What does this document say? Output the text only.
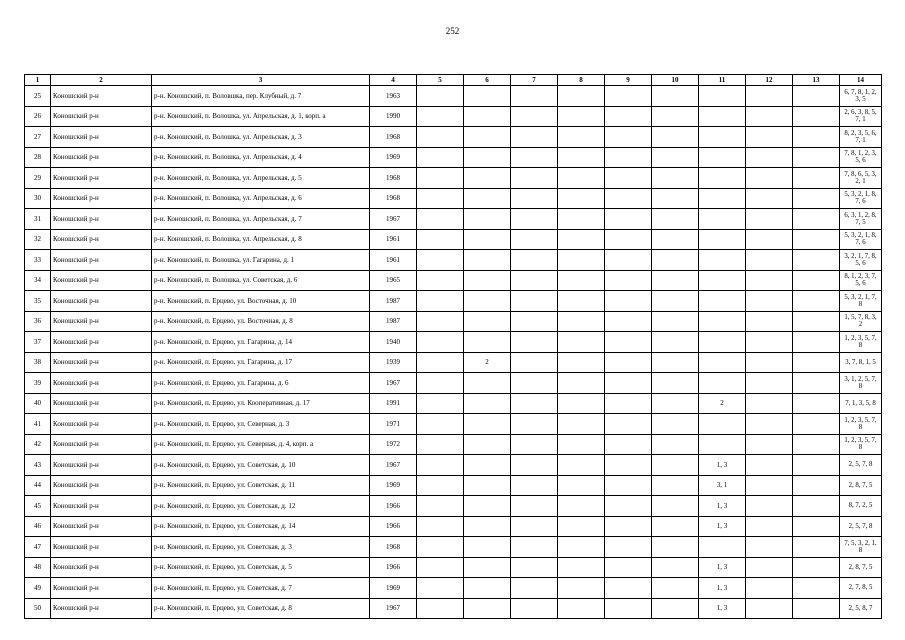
252
1	2	3	4	5	6	7	8	9	10	11	12	13	14
25	Коношский р-н	р-н. Коношский, п. Воловшка, пер. Клубный, д. 7	1963										6, 7, 8, 1, 2, 3, 5
26	Коношский р-н	р-н. Коношский, п. Волошка, ул. Апрельская, д. 1, корп. а	1990										2, 6, 3, 8, 5, 7, 1
27	Коношский р-н	р-н. Коношский, п. Волошка, ул. Апрельская, д. 3	1968										8, 2, 3, 5, 6, 7, 1
28	Коношский р-н	р-н. Коношский, п. Волошка, ул. Апрельская, д. 4	1969										7, 8, 1, 2, 3, 5, 6
29	Коношский р-н	р-н. Коношский, п. Волошка, ул. Апрельская, д. 5	1968										7, 8, 6, 5, 3, 2, 1
30	Коношский р-н	р-н. Коношский, п. Волошка, ул. Апрельская, д. 6	1968										5, 3, 2, 1, 8, 7, 6
31	Коношский р-н	р-н. Коношский, п. Волошка, ул. Апрельская, д. 7	1967										6, 3, 1, 2, 8, 7, 5
32	Коношский р-н	р-н. Коношский, п. Волошка, ул. Апрельская, д. 8	1961										5, 3, 2, 1, 8, 7, 6
33	Коношский р-н	р-н. Коношский, п. Волошка, ул. Гагарина, д. 1	1961										3, 2, 1, 7, 8, 5, 6
34	Коношский р-н	р-н. Коношский, п. Волошка, ул. Советская, д. 6	1965										8, 1, 2, 3, 7, 5, 6
35	Коношский р-н	р-н. Коношский, п. Ерцево, ул. Восточная, д. 10	1987										5, 3, 2, 1, 7, 8
36	Коношский р-н	р-н. Коношский, п. Ерцево, ул. Восточная, д. 8	1987										1, 5, 7, 8, 3, 2
37	Коношский р-н	р-н. Коношский, п. Ерцево, ул. Гагарина, д. 14	1940										1, 2, 3, 5, 7, 8
38	Коношский р-н	р-н. Коношский, п. Ерцево, ул. Гагарина, д. 17	1939		2								3, 7, 8, 1, 5
39	Коношский р-н	р-н. Коношский, п. Ерцево, ул. Гагарина, д. 6	1967										3, 1, 2, 5, 7, 8
40	Коношский р-н	р-н. Коношский, п. Ерцево, ул. Кооперативная, д. 17	1991							2			7, 1, 3, 5, 8
41	Коношский р-н	р-н. Коношский, п. Ерцево, ул. Северная, д. 3	1971										1, 2, 3, 5, 7, 8
42	Коношский р-н	р-н. Коношский, п. Ерцево, ул. Северная, д. 4, корп. а	1972										1, 2, 3, 5, 7, 8
43	Коношский р-н	р-н. Коношский, п. Ерцево, ул. Советская, д. 10	1967							1, 3			2, 5, 7, 8
44	Коношский р-н	р-н. Коношский, п. Ерцево, ул. Советская, д. 11	1969							3, 1			2, 8, 7, 5
45	Коношский р-н	р-н. Коношский, п. Ерцево, ул. Советская, д. 12	1966							1, 3			8, 7, 2, 5
46	Коношский р-н	р-н. Коношский, п. Ерцево, ул. Советская, д. 14	1966							1, 3			2, 5, 7, 8
47	Коношский р-н	р-н. Коношский, п. Ерцево, ул. Советская, д. 3	1968										7, 5, 3, 2, 1, 8
48	Коношский р-н	р-н. Коношский, п. Ерцево, ул. Советская, д. 5	1966							1, 3			2, 8, 7, 5
49	Коношский р-н	р-н. Коношский, п. Ерцево, ул. Советская, д. 7	1969							1, 3			2, 7, 8, 5
50	Коношский р-н	р-н. Коношский, п. Ерцево, ул. Советская, д. 8	1967							1, 3			2, 5, 8, 7
